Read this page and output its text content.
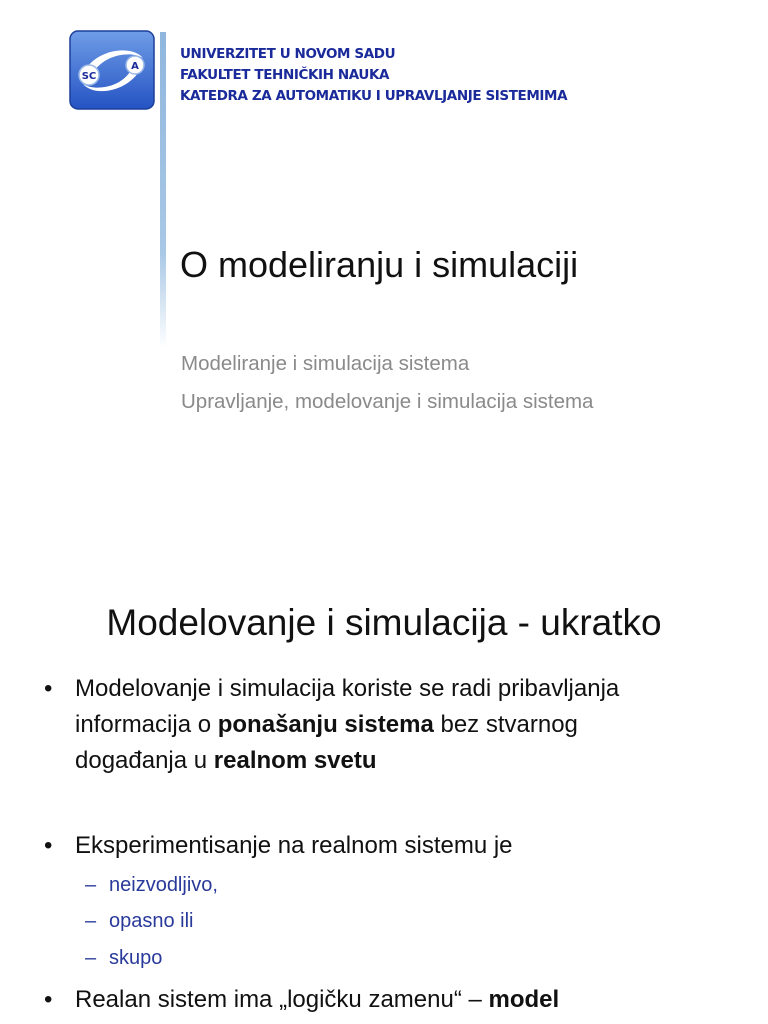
SC
A
UNIVERZITET U NOVOM SADU
FAKULTET TEHNIČKIH NAUKA
KATEDRA ZA AUTOMATIKU I UPRAVLJANJE SISTEMIMA
O modeliranju i simulaciji
Modeliranje i simulacija sistema
Upravljanje, modelovanje i simulacija sistema
Modelovanje i simulacija - ukratko
• Modelovanje i simulacija koriste se radi pribavljanja
informacija o ponašanju sistema bez stvarnog
događanja u realnom svetu
• Eksperimentisanje na realnom sistemu je
– neizvodljivo,
– opasno ili
– skupo
• Realan sistem ima „logičku zamenu“ – model
